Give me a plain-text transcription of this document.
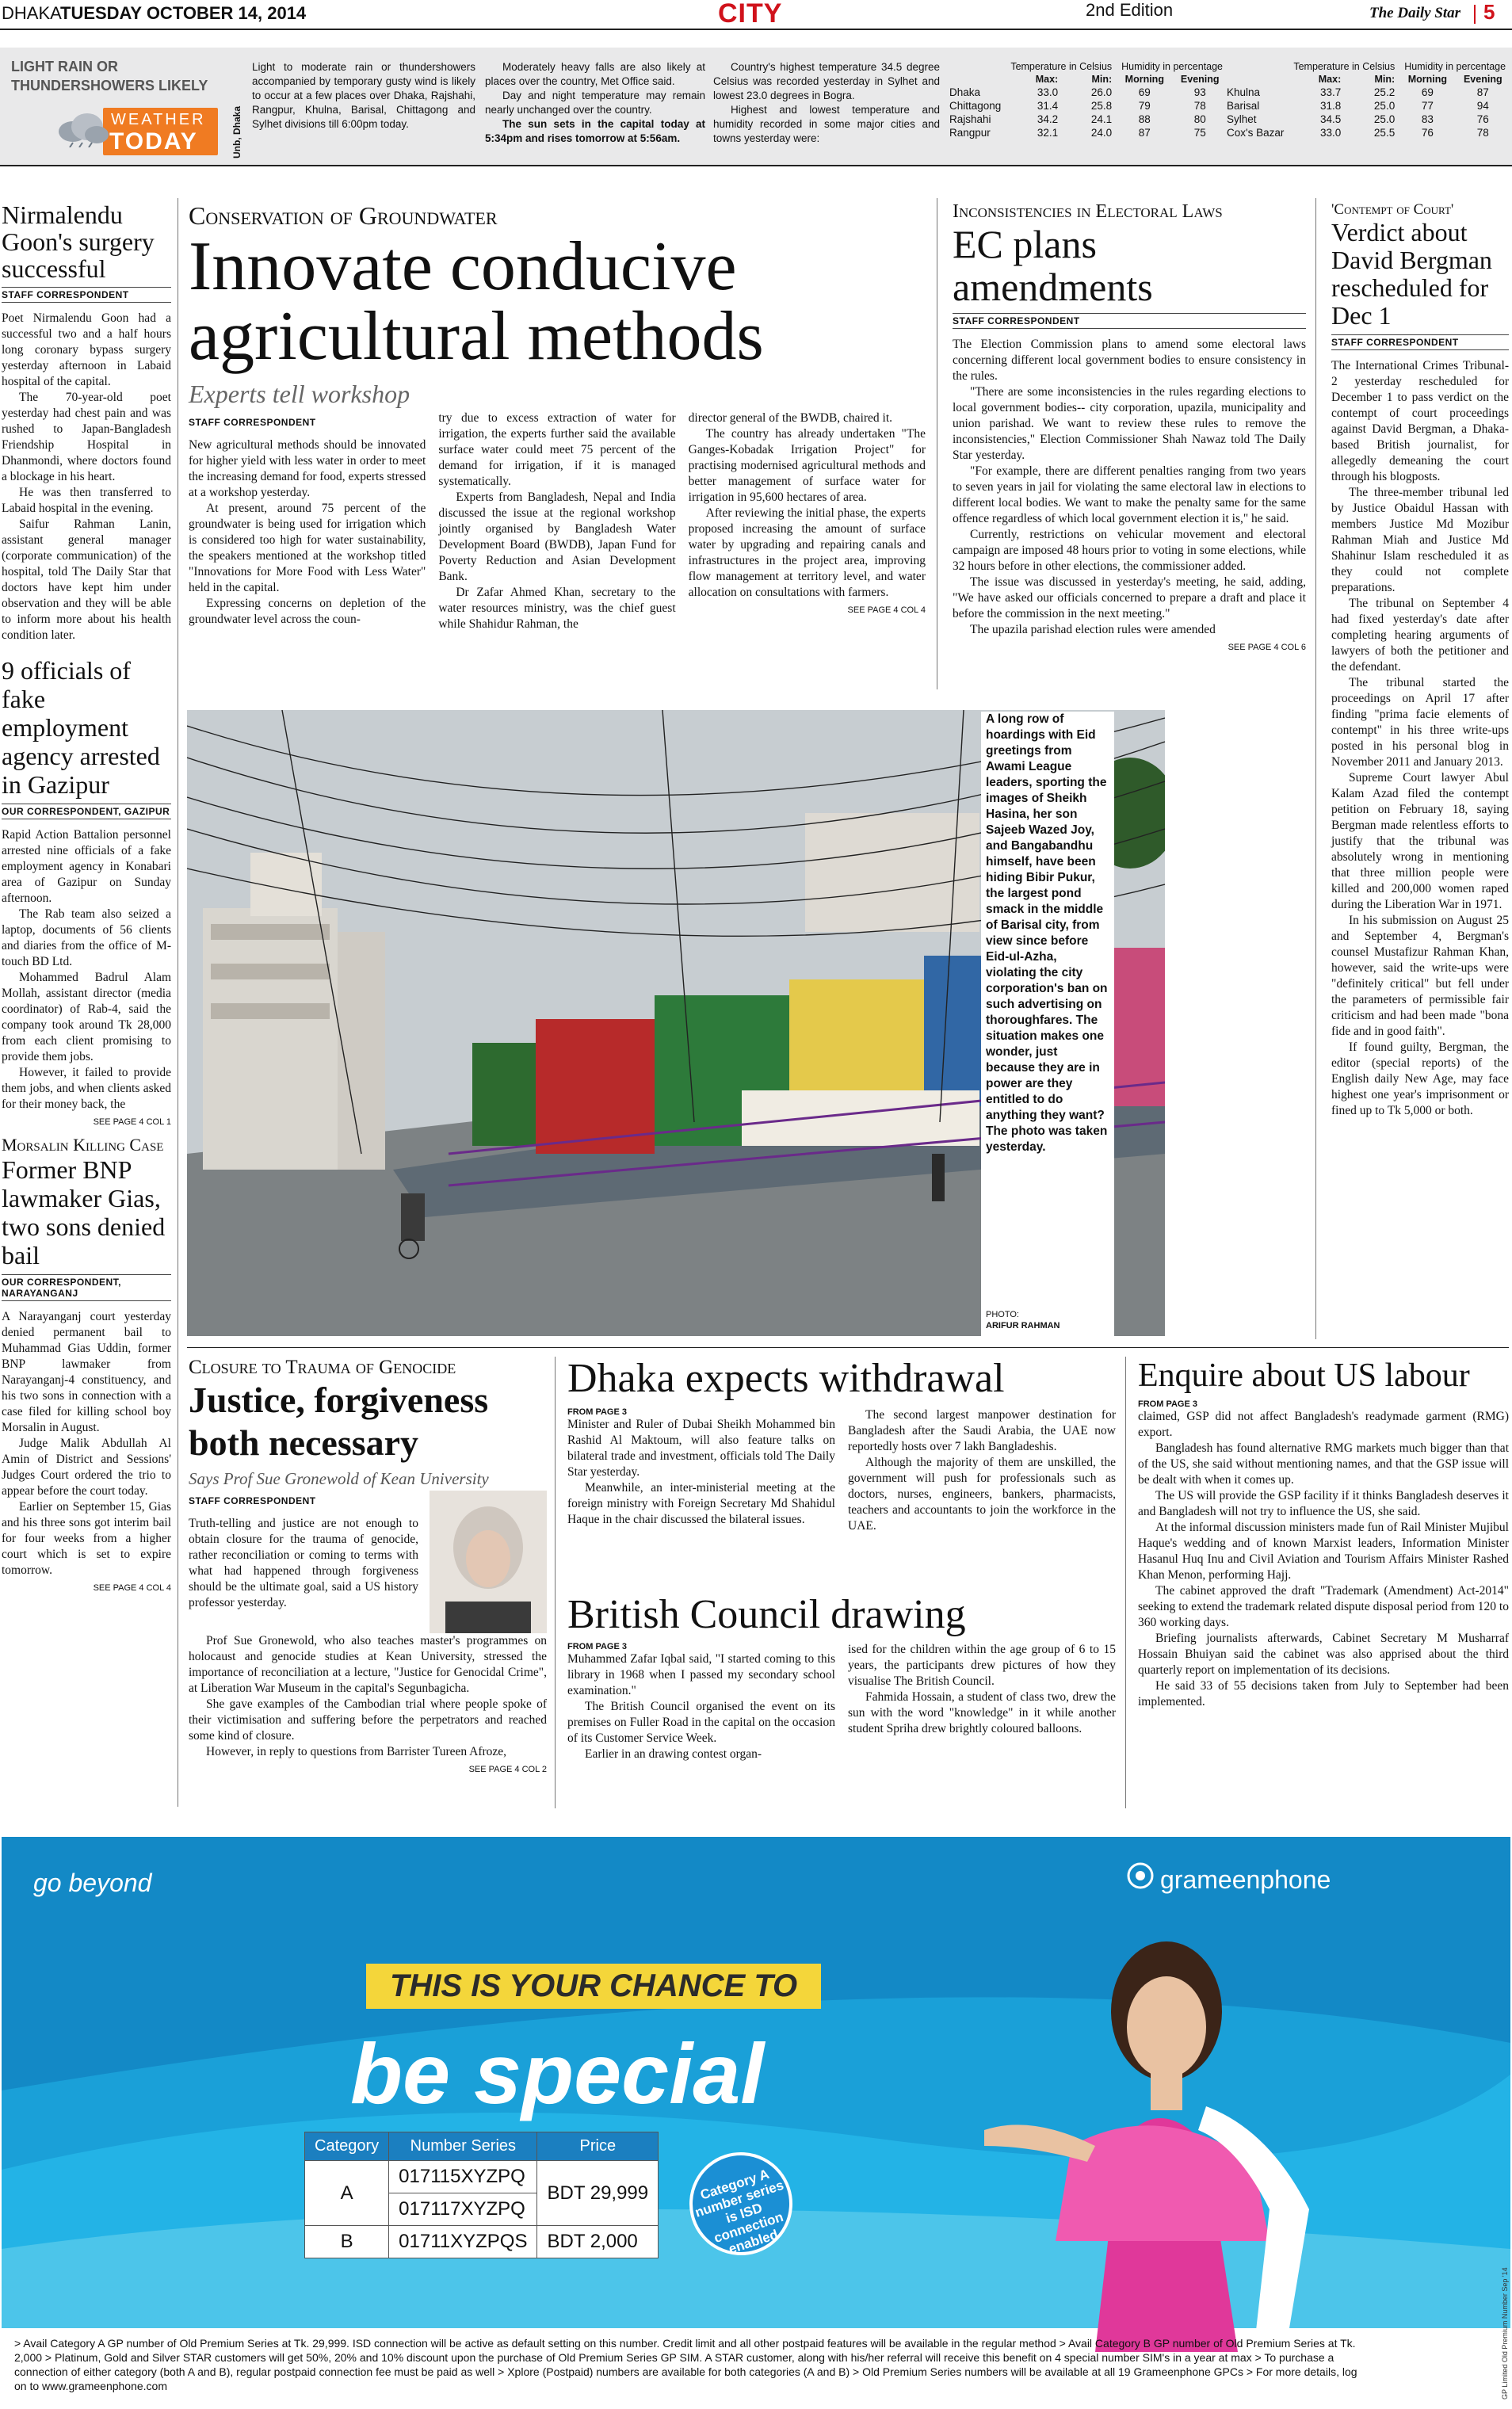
DHAKA
TUESDAY OCTOBER 14, 2014	CITY	2nd Edition	The Daily Star 5
LIGHT RAIN OR THUNDERSHOWERS LIKELY
WEATHER
TODAY	Unb, Dhaka
Light to moderate rain or thundershowers accompanied by temporary gusty wind is likely to occur at a few places over Dhaka, Rajshahi, Rangpur, Khulna, Barisal, Chittagong and Sylhet divisions till 6:00pm today.

Moderately heavy falls are also likely at places over the country, Met Office said.

Day and night temperature may remain nearly unchanged over the country.

The sun sets in the capital today at 5:34pm and rises tomorrow at 5:56am.

Country's highest temperature 34.5 degree Celsius was recorded yesterday in Sylhet and lowest 23.0 degrees in Bogra.

Highest and lowest temperature and humidity recorded in some major cities and towns yesterday were:

	Temperature in Celsius		Humidity in percentage	
	Max:	Min:	Morning	Evening
Dhaka	33.0	26.0	69	93
Chittagong	31.4	25.8	79	78
Rajshahi	34.2	24.1	88	80
Rangpur	32.1	24.0	87	75
	Temperature in Celsius		Humidity in percentage	
	Max:	Min:	Morning	Evening
Khulna	33.7	25.2	69	87
Barisal	31.8	25.0	77	94
Sylhet	34.5	25.0	83	76
Cox's Bazar	33.0	25.5	76	78
Nirmalendu Goon's surgery successful
STAFF CORRESPONDENT

Poet Nirmalendu Goon had a successful two and a half hours long coronary bypass surgery yesterday afternoon in Labaid hospital of the capital.

The 70-year-old poet yesterday had chest pain and was rushed to Japan-Bangladesh Friendship Hospital in Dhanmondi, where doctors found a blockage in his heart.

He was then transferred to Labaid hospital in the evening.

Saifur Rahman Lanin, assistant general manager (corporate communication) of the hospital, told The Daily Star that doctors have kept him under observation and they will be able to inform more about his health condition later.

9 officials of fake employment agency arrested in Gazipur
OUR CORRESPONDENT, GAZIPUR

Rapid Action Battalion personnel arrested nine officials of a fake employment agency in Konabari area of Gazipur on Sunday afternoon.

The Rab team also seized a laptop, documents of 56 clients and diaries from the office of M-touch BD Ltd.

Mohammed Badrul Alam Mollah, assistant director (media coordinator) of Rab-4, said the company took around Tk 28,000 from each client promising to provide them jobs.

However, it failed to provide them jobs, and when clients asked for their money back, the

SEE PAGE 4 COL 1
Morsalin Killing Case
Former BNP lawmaker Gias, two sons denied bail
OUR CORRESPONDENT, NARAYANGANJ

A Narayanganj court yesterday denied permanent bail to Muhammad Gias Uddin, former BNP lawmaker from Narayanganj-4 constituency, and his two sons in connection with a case filed for killing school boy Morsalin in August.

Judge Malik Abdullah Al Amin of District and Sessions' Judges Court ordered the trio to appear before the court today.

Earlier on September 15, Gias and his three sons got interim bail for four weeks from a higher court which is set to expire tomorrow.

SEE PAGE 4 COL 4
Conservation of Groundwater
Innovate conducive agricultural methods
Experts tell workshop
STAFF CORRESPONDENT

New agricultural methods should be innovated for higher yield with less water in order to meet the increasing demand for food, experts stressed at a workshop yesterday.

At present, around 75 percent of the groundwater is being used for irrigation which is considered too high for water sustainability, the speakers mentioned at the workshop titled "Innovations for More Food with Less Water" held in the capital.

Expressing concerns on depletion of the groundwater level across the coun-

try due to excess extraction of water for irrigation, the experts further said the available surface water could meet 75 percent of the demand for irrigation, if it is managed systematically.

Experts from Bangladesh, Nepal and India discussed the issue at the regional workshop jointly organised by Bangladesh Water Development Board (BWDB), Japan Fund for Poverty Reduction and Asian Development Bank.

Dr Zafar Ahmed Khan, secretary to the water resources ministry, was the chief guest while Shahidur Rahman, the

director general of the BWDB, chaired it.

The country has already undertaken "The Ganges-Kobadak Irrigation Project" for practising modernised agricultural methods and better management of surface water for irrigation in 95,600 hectares of area.

After reviewing the initial phase, the experts proposed increasing the amount of surface water by upgrading and repairing canals and infrastructures in the project area, improving flow management at territory level, and water allocation on consultations with farmers.

SEE PAGE 4 COL 4
Inconsistencies in Electoral Laws
EC plans amendments
STAFF CORRESPONDENT

The Election Commission plans to amend some electoral laws concerning different local government bodies to ensure consistency in the rules.

"There are some inconsistencies in the rules regarding elections to local government bodies-- city corporation, upazila, municipality and union parishad. We want to review these rules to remove the inconsistencies," Election Commissioner Shah Nawaz told The Daily Star yesterday.

"For example, there are different penalties ranging from two years to seven years in jail for violating the same electoral law in elections to different local bodies. We want to make the penalty same for the same offence regardless of which local government election it is," he said.

Currently, restrictions on vehicular movement and electoral campaign are imposed 48 hours prior to voting in some elections, while 32 hours before in other elections, the commissioner added.

The issue was discussed in yesterday's meeting, he said, adding, "We have asked our officials concerned to prepare a draft and place it before the commission in the next meeting."

The upazila parishad election rules were amended

SEE PAGE 4 COL 6
'Contempt of Court'
Verdict about David Bergman rescheduled for Dec 1
STAFF CORRESPONDENT

The International Crimes Tribunal-2 yesterday rescheduled for December 1 to pass verdict on the contempt of court proceedings against David Bergman, a Dhaka-based British journalist, for allegedly demeaning the court through his blogposts.

The three-member tribunal led by Justice Obaidul Hassan with members Justice Md Mozibur Rahman Miah and Justice Md Shahinur Islam rescheduled it as they could not complete preparations.

The tribunal on September 4 had fixed yesterday's date after completing hearing arguments of lawyers of both the petitioner and the defendant.

The tribunal started the proceedings on April 17 after finding "prima facie elements of contempt" in his three write-ups posted in his personal blog in November 2011 and January 2013.

Supreme Court lawyer Abul Kalam Azad filed the contempt petition on February 18, saying Bergman made relentless efforts to justify that the tribunal was absolutely wrong in mentioning that three million people were killed and 200,000 women raped during the Liberation War in 1971.

In his submission on August 25 and September 4, Bergman's counsel Mustafizur Rahman Khan, however, said the write-ups were "definitely critical" but fell under the parameters of permissible fair criticism and had been made "bona fide and in good faith".

If found guilty, Bergman, the editor (special reports) of the English daily New Age, may face highest one year's imprisonment or fined up to Tk 5,000 or both.

A long row of hoardings with Eid greetings from Awami League leaders, sporting the images of Sheikh Hasina, her son Sajeeb Wazed Joy, and Bangabandhu himself, have been hiding Bibir Pukur, the largest pond smack in the middle of Barisal city, from view since before Eid-ul-Azha, violating the city corporation's ban on such advertising on thoroughfares. The situation makes one wonder, just because they are in power are they entitled to do anything they want? The photo was taken yesterday.
PHOTO:
ARIFUR RAHMAN
Closure to Trauma of Genocide
Justice, forgiveness both necessary
Says Prof Sue Gronewold of Kean University
STAFF CORRESPONDENT

Truth-telling and justice are not enough to obtain closure for the trauma of genocide, rather reconciliation or coming to terms with what had happened through forgiveness should be the ultimate goal, said a US history professor yesterday.

Prof Sue Gronewold, who also teaches master's programmes on holocaust and genocide studies at Kean University, stressed the importance of reconciliation at a lecture, "Justice for Genocidal Crime", at Liberation War Museum in the capital's Segunbagicha.

She gave examples of the Cambodian trial where people spoke of their victimisation and suffering before the perpetrators and reached some kind of closure.

However, in reply to questions from Barrister Tureen Afroze,

SEE PAGE 4 COL 2
Dhaka expects withdrawal
FROM PAGE 3

Minister and Ruler of Dubai Sheikh Mohammed bin Rashid Al Maktoum, will also feature talks on bilateral trade and investment, officials told The Daily Star yesterday.

Meanwhile, an inter-ministerial meeting at the foreign ministry with Foreign Secretary Md Shahidul Haque in the chair discussed the bilateral issues.

The second largest manpower destination for Bangladesh after the Saudi Arabia, the UAE now reportedly hosts over 7 lakh Bangladeshis.

Although the majority of them are unskilled, the government will push for professionals such as doctors, nurses, engineers, bankers, pharmacists, teachers and accountants to join the workforce in the UAE.

British Council drawing
FROM PAGE 3

Muhammed Zafar Iqbal said, "I started coming to this library in 1968 when I passed my secondary school examination."

The British Council organised the event on its premises on Fuller Road in the capital on the occasion of its Customer Service Week.

Earlier in an drawing contest organ-

ised for the children within the age group of 6 to 15 years, the participants drew pictures of how they visualise The British Council.

Fahmida Hossain, a student of class two, drew the sun with the word "knowledge" in it while another student Spriha drew brightly coloured balloons.

Enquire about US labour
FROM PAGE 3

claimed, GSP did not affect Bangladesh's readymade garment (RMG) export.

Bangladesh has found alternative RMG markets much bigger than that of the US, she said without mentioning names, and that the GSP issue will be dealt with when it comes up.

The US will provide the GSP facility if it thinks Bangladesh deserves it and Bangladesh will not try to influence the US, she said.

At the informal discussion ministers made fun of Rail Minister Mujibul Haque's wedding and of known Marxist leaders, Information Minister Hasanul Huq Inu and Civil Aviation and Tourism Affairs Minister Rashed Khan Menon, performing Hajj.

The cabinet approved the draft "Trademark (Amendment) Act-2014" seeking to extend the trademark related dispute disposal period from 120 to 360 working days.

Briefing journalists afterwards, Cabinet Secretary M Musharraf Hossain Bhuiyan said the cabinet was also apprised about the third quarterly report on implementation of its decisions.

He said 33 of 55 decisions taken from July to September had been implemented.

go beyond	grameenphone
THIS IS YOUR CHANCE TO
be special
Category	Number Series	Price
A	017115XYZPQ	BDT 29,999
	017117XYZPQ	
B	01711XYZPQS	BDT 2,000
Category A number series is ISD connection enabled
> Avail Category A GP number of Old Premium Series at Tk. 29,999. ISD connection will be active as default setting on this number. Credit limit and all other postpaid features will be available in the regular method > Avail Category B GP number of Old Premium Series at Tk. 2,000 > Platinum, Gold and Silver STAR customers will get 50%, 20% and 10% discount upon the purchase of Old Premium Series GP SIM. A STAR customer, along with his/her referral will receive this benefit on 4 special number SIM's in a year at max > To purchase a connection of either category (both A and B), regular postpaid connection fee must be paid as well > Xplore (Postpaid) numbers are available for both categories (A and B) > Old Premium Series numbers will be available at all 19 Grameenphone GPCs > For more details, log on to www.grameenphone.com	GP Limited Old Premium Number Sep '14
